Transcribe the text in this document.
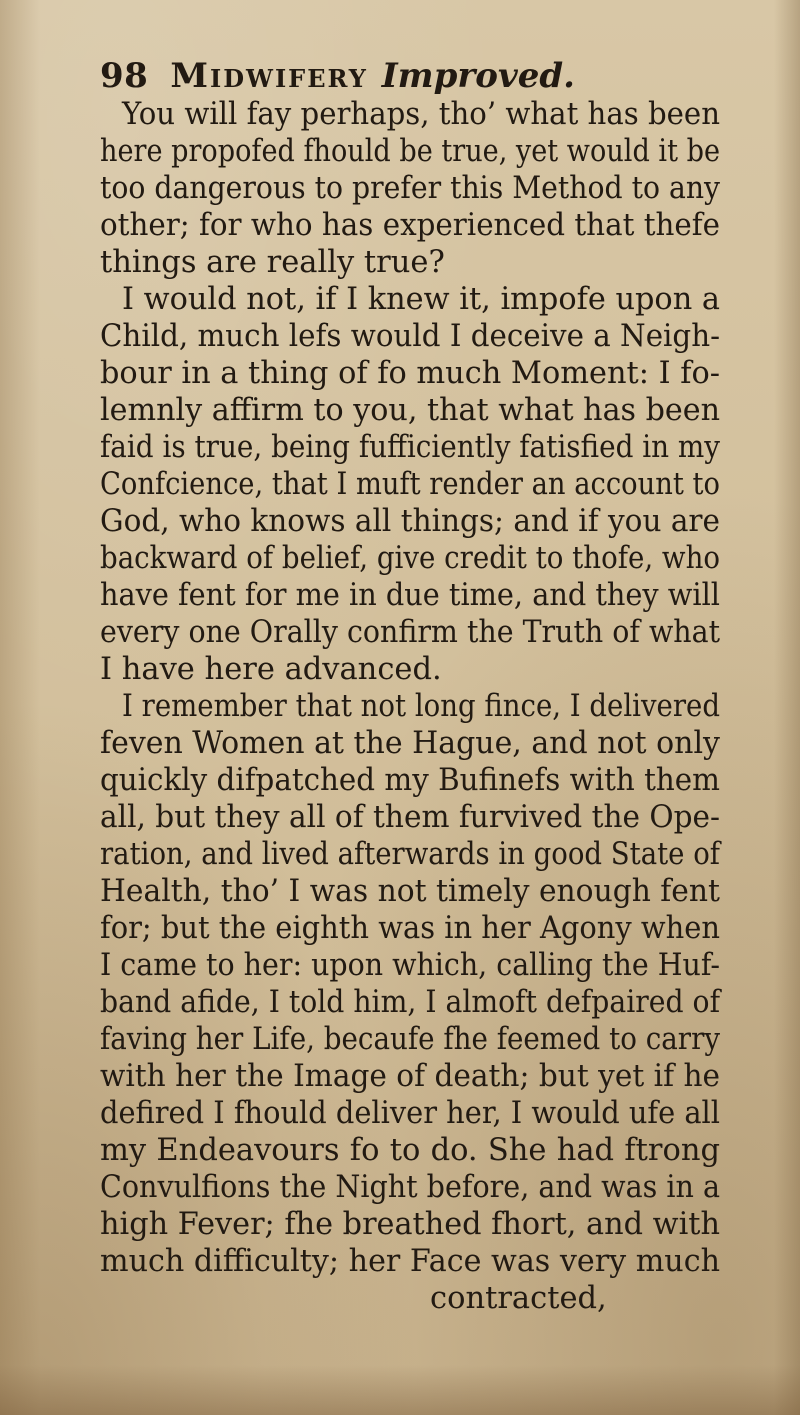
98 Midwifery Improved.
You will fay perhaps, tho’ what has been
here propofed fhould be true, yet would it be
too dangerous to prefer this Method to any
other; for who has experienced that thefe
things are really true?
I would not, if I knew it, impofe upon a
Child, much lefs would I deceive a Neigh-
bour in a thing of fo much Moment: I fo-
lemnly affirm to you, that what has been
faid is true, being fufficiently fatisfied in my
Confcience, that I muft render an account to
God, who knows all things; and if you are
backward of belief, give credit to thofe, who
have fent for me in due time, and they will
every one Orally confirm the Truth of what
I have here advanced.
I remember that not long fince, I delivered
feven Women at the Hague, and not only
quickly difpatched my Bufinefs with them
all, but they all of them furvived the Ope-
ration, and lived afterwards in good State of
Health, tho’ I was not timely enough fent
for; but the eighth was in her Agony when
I came to her: upon which, calling the Huf-
band afide, I told him, I almoft defpaired of
faving her Life, becaufe fhe feemed to carry
with her the Image of death; but yet if he
defired I fhould deliver her, I would ufe all
my Endeavours fo to do. She had ftrong
Convulfions the Night before, and was in a
high Fever; fhe breathed fhort, and with
much difficulty; her Face was very much
contracted,
